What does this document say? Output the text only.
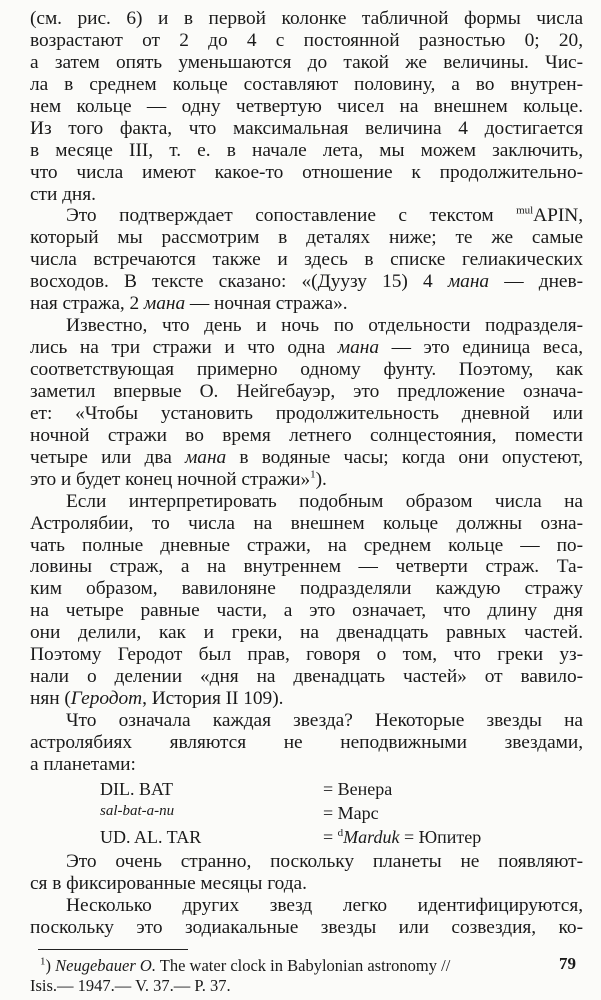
(см. рис. 6) и в первой колонке табличной формы числа
возрастают от 2 до 4 с постоянной разностью 0; 20,
а затем опять уменьшаются до такой же величины. Чис-
ла в среднем кольце составляют половину, а во внутрен-
нем кольце — одну четвертую чисел на внешнем кольце.
Из того факта, что максимальная величина 4 достигается
в месяце III, т. е. в начале лета, мы можем заключить,
что числа имеют какое-то отношение к продолжительно-
сти дня.
Это подтверждает сопоставление с текстом $^{mul}$APIN,
который мы рассмотрим в деталях ниже; те же самые
числа встречаются также и здесь в списке гелиакических
восходов. В тексте сказано: «(Дуузу 15) 4 мана — днев-
ная стража, 2 мана — ночная стража».
Известно, что день и ночь по отдельности подразделя-
лись на три стражи и что одна мана — это единица веса,
соответствующая примерно одному фунту. Поэтому, как
заметил впервые О. Нейгебауэр, это предложение означа-
ет: «Чтобы установить продолжительность дневной или
ночной стражи во время летнего солнцестояния, помести
четыре или два мана в водяные часы; когда они опустеют,
это и будет конец ночной стражи»$^1$).
Если интерпретировать подобным образом числа на
Астролябии, то числа на внешнем кольце должны озна-
чать полные дневные стражи, на среднем кольце — по-
ловины страж, а на внутреннем — четверти страж. Та-
ким образом, вавилоняне подразделяли каждую стражу
на четыре равные части, а это означает, что длину дня
они делили, как и греки, на двенадцать равных частей.
Поэтому Геродот был прав, говоря о том, что греки уз-
нали о делении «дня на двенадцать частей» от вавило-
нян (Геродот, История II 109).
Что означала каждая звезда? Некоторые звезды на
астролябиях являются не неподвижными звездами,
а планетами:
DIL. BAT	= Венера
sal-bat-a-nu	= Марс
UD. AL. TAR	= $^d$Marduk = Юпитер
Это очень странно, поскольку планеты не появляют-
ся в фиксированные месяцы года.
Несколько других звезд легко идентифицируются,
поскольку это зодиакальные звезды или созвездия, ко-
$^1$) Neugebauer O. The water clock in Babylonian astronomy //
Isis.— 1947.— V. 37.— P. 37.
79
